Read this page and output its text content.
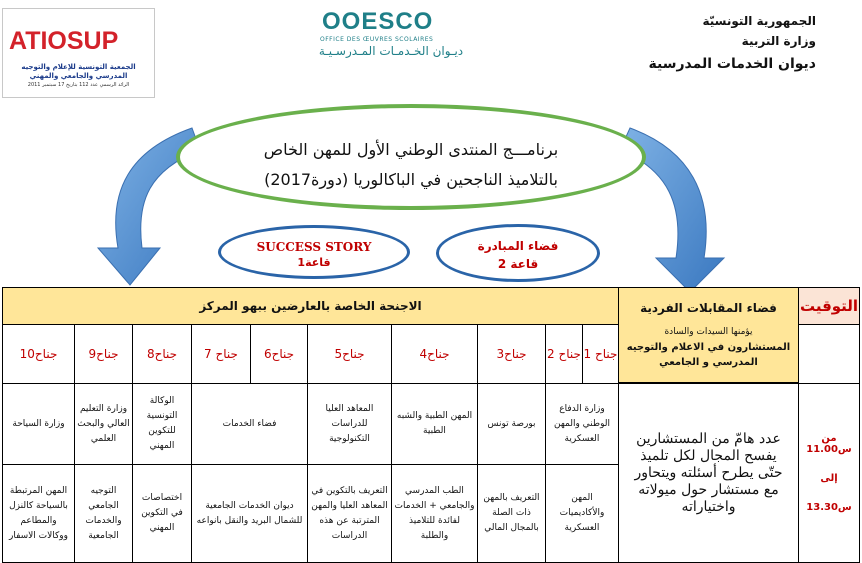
ATIOSUP
الجمعية التونسية للإعلام والتوجيه المدرسي والجامعي والمهني
الرائد الرسمي عدد 112 بتاريخ 17 سبتمبر 2011
OOESCO
OFFICE DES ŒUVRES SCOLAIRES
ديـوان الخـدمـات المـدرسـيـة
الجمهورية التونسيّة
وزارة التربية
ديوان الخدمات المدرسية
برنامـــج المنتدى الوطني الأول للمهن الخاص
بالتلاميذ الناجحين في الباكالوريا (دورة2017)
SUCCESS STORY
قاعة1
فضاء المبادرة
قاعة 2
الاجنحة الخاصة بالعارضين ببهو المركز	فضاء المقابلات الفردية
يؤمنها السيدات والسادة
المستشارون في الاعلام والتوجيه المدرسي و الجامعي
التوقيت
جناح 1
جناح 2
جناح3
جناح4
جناح5
جناح6
جناح 7
جناح8
جناح9
جناح10
وزارة الدفاع الوطني والمهن العسكرية
بورصة تونس
المهن الطبية والشبه الطبية
المعاهد العليا للدراسات التكنولوجية
فضاء الخدمات
الوكالة التونسية للتكوين المهني
وزارة التعليم العالي والبحث العلمي
وزارة السياحة
المهن والأكاديميات العسكرية
التعريف بالمهن ذات الصلة بالمجال المالي
الطب المدرسي والجامعي + الخدمات لفائدة للتلاميذ والطلبة
التعريف بالتكوين في المعاهد العليا والمهن المترتبة عن هذه الدراسات
ديوان الخدمات الجامعية للشمال البريد والنقل بانواعه
اختصاصات في التكوين المهني
التوجيه الجامعي والخدمات الجامعية
المهن المرتبطة بالسياحة كالنزل والمطاعم ووكالات الاسفار
عدد هامّ من المستشارين يفسح المجال لكل تلميذ حتّى يطرح أسئلته ويتحاور مع مستشار حول ميولاته واختياراته
من س11.00
إلى
س13.30
